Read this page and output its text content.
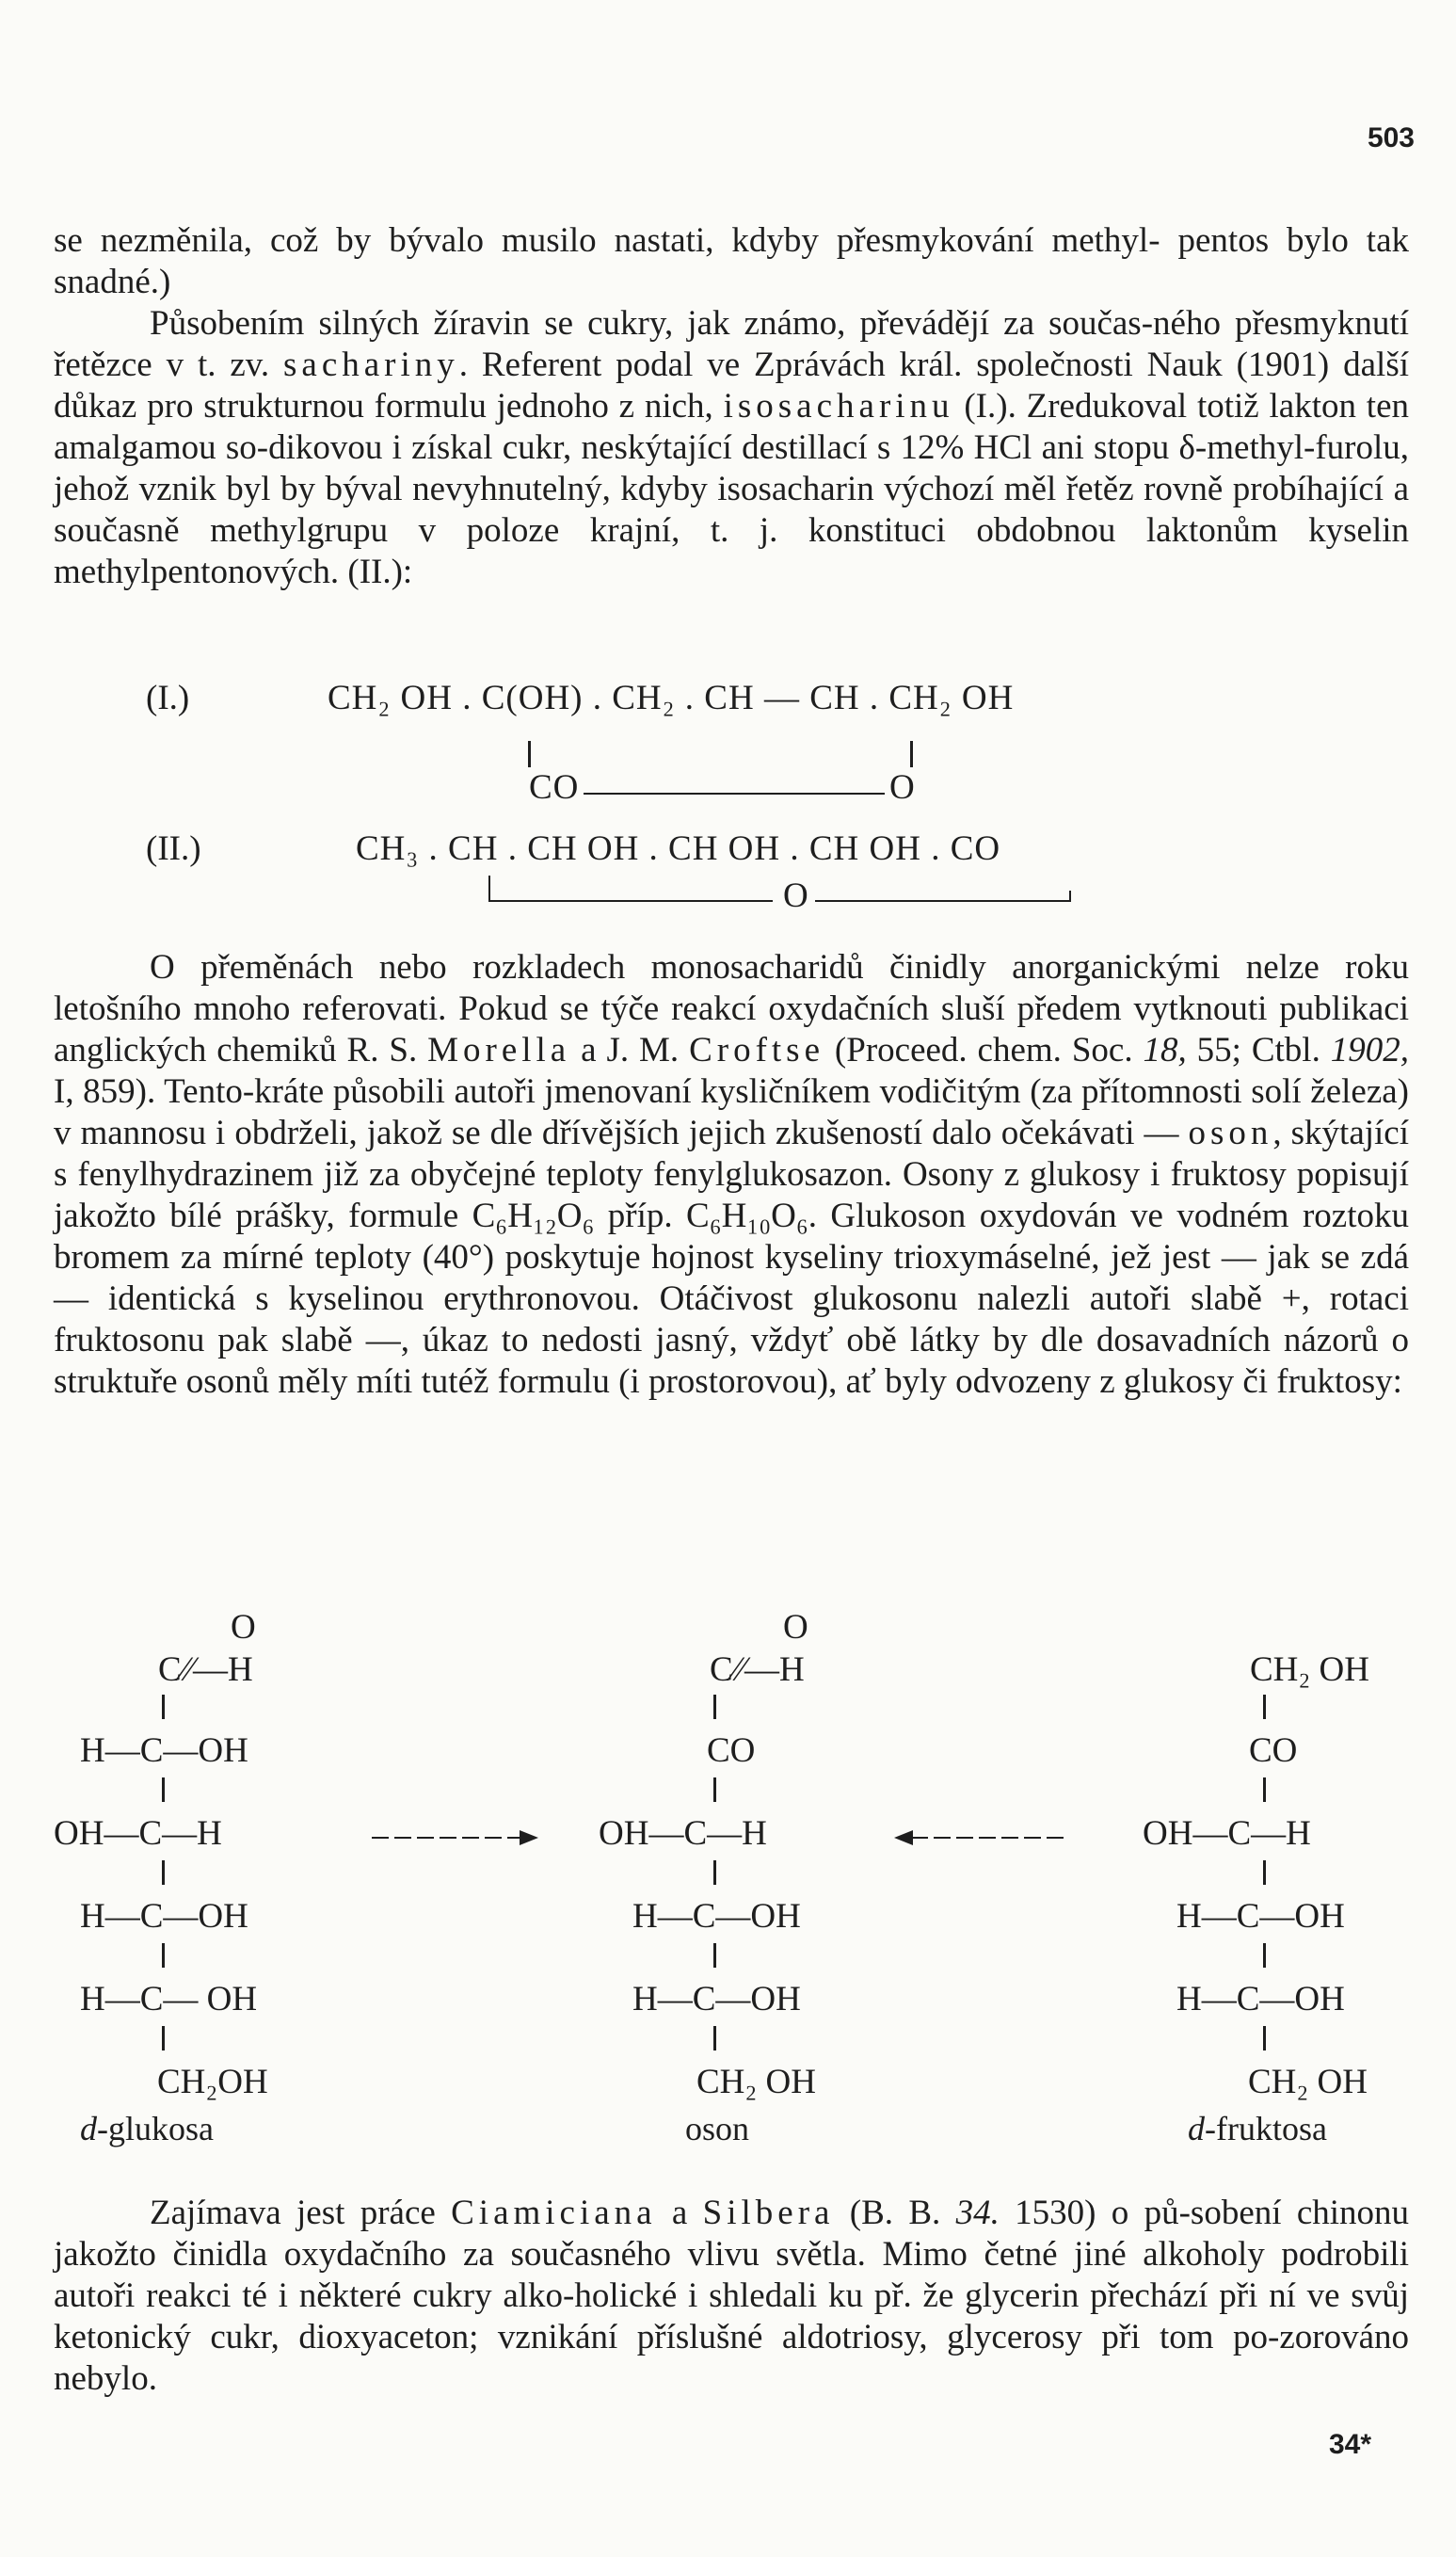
503

se nezměnila, což by bývalo musilo nastati, kdyby přesmykování methyl- pentos bylo tak snadné.)

Působením silných žíravin se cukry, jak známo, převádějí za součas-ného přesmyknutí řetězce v t. zv. sachariny. Referent podal ve Zprávách král. společnosti Nauk (1901) další důkaz pro strukturnou formulu jednoho z nich, isosacharinu (I.). Zredukoval totiž lakton ten amalgamou so-dikovou i získal cukr, neskýtající destillací s 12% HCl ani stopu δ-methyl-furolu, jehož vznik byl by býval nevyhnutelný, kdyby isosacharin výchozí měl řetěz rovně probíhající a současně methylgrupu v poloze krajní, t. j. konstituci obdobnou laktonům kyselin methylpentonových. (II.):

(I.)	CH₂ OH . C(OH) . CH₂ . CH — CH . CH₂ OH
CO	O
(II.)	CH₃ . CH . CH OH . CH OH . CH OH . CO
O

O přeměnách nebo rozkladech monosacharidů činidly anorganickými nelze roku letošního mnoho referovati. Pokud se týče reakcí oxydačních sluší předem vytknouti publikaci anglických chemiků R. S. Morella a J. M. Croftse (Proceed. chem. Soc. 18, 55; Ctbl. 1902, I, 859). Tento-kráte působili autoři jmenovaní kysličníkem vodičitým (za přítomnosti solí železa) v mannosu i obdrželi, jakož se dle dřívějších jejich zkušeností dalo očekávati — oson, skýtající s fenylhydrazinem již za obyčejné teploty fenylglukosazon. Osony z glukosy i fruktosy popisují jakožto bílé prášky, formule C₆H₁₂O₆ příp. C₆H₁₀O₆. Glukoson oxydován ve vodném roztoku bromem za mírné teploty (40°) poskytuje hojnost kyseliny trioxymáselné, jež jest — jak se zdá — identická s kyselinou erythronovou. Otáčivost glukosonu nalezli autoři slabě +, rotaci fruktosonu pak slabě —, úkaz to nedosti jasný, vždyť obě látky by dle dosavadních názorů o struktuře osonů měly míti tutéž formulu (i prostorovou), ať byly odvozeny z glukosy či fruktosy:

O
C⁄⁄—H
H—C—OH
OH—C—H
H—C—OH
H—C— OH
CH₂OH
d-glukosa
O
C⁄⁄—H
CO
OH—C—H
H—C—OH
H—C—OH
CH₂ OH
oson
CH₂ OH
CO
OH—C—H
H—C—OH
H—C—OH
CH₂ OH
d-fruktosa

Zajímava jest práce Ciamiciana a Silbera (B. B. 34. 1530) o pů-sobení chinonu jakožto činidla oxydačního za současného vlivu světla. Mimo četné jiné alkoholy podrobili autoři reakci té i některé cukry alko-holické i shledali ku př. že glycerin přechází při ní ve svůj ketonický cukr, dioxyaceton; vznikání příslušné aldotriosy, glycerosy při tom po-zorováno nebylo.

34*
